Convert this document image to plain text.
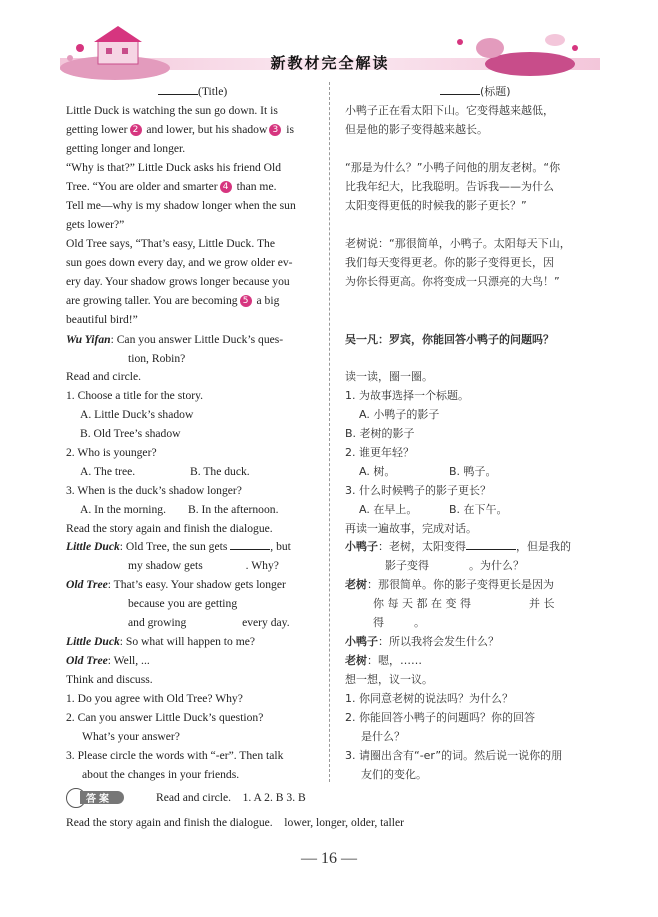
新教材完全解读
(Title)
Little Duck is watching the sun go down. It is
getting lower 2 and lower, but his shadow 3 is
getting longer and longer.
“Why is that?” Little Duck asks his friend Old
Tree. “You are older and smarter 4 than me.
Tell me—why is my shadow longer when the sun
gets lower?”
Old Tree says, “That’s easy, Little Duck. The
sun goes down every day, and we grow older ev-
ery day. Your shadow grows longer because you
are growing taller. You are becoming 5 a big
beautiful bird!”
Wu Yifan: Can you answer Little Duck’s ques-
tion, Robin?
Read and circle.
1. Choose a title for the story.
A. Little Duck’s shadow
B. Old Tree’s shadow
2. Who is younger?
A. The tree.	B. The duck.
3. When is the duck’s shadow longer?
A. In the morning. B. In the afternoon.
Read the story again and finish the dialogue.
Little Duck: Old Tree, the sun gets	, but
my shadow gets	. Why?
Old Tree: That’s easy. Your shadow gets longer
because you are getting
and growing	every day.
Little Duck: So what will happen to me?
Old Tree: Well, ...
Think and discuss.
1. Do you agree with Old Tree? Why?
2. Can you answer Little Duck’s question?
What’s your answer?
3. Please circle the words with “-er”. Then talk
about the changes in your friends.
(标题)
小鸭子正在看太阳下山。它变得越来越低，
但是他的影子变得越来越长。
“那是为什么？”小鸭子问他的朋友老树。“你
比我年纪大，比我聪明。告诉我——为什么
太阳变得更低的时候我的影子更长？”
老树说：“那很简单，小鸭子。太阳每天下山，
我们每天变得更老。你的影子变得更长，因
为你长得更高。你将变成一只漂亮的大鸟！”
吴一凡：罗宾，你能回答小鸭子的问题吗？
读一读，圈一圈。
1. 为故事选择一个标题。
A. 小鸭子的影子
B. 老树的影子
2. 谁更年轻？
A. 树。	B. 鸭子。
3. 什么时候鸭子的影子更长？
A. 在早上。	B. 在下午。
再读一遍故事，完成对话。
小鸭子：老树，太阳变得	，但是我的
影子变得	。为什么？
老树：那很简单。你的影子变得更长是因为
你 每 天 都 在 变 得	并 长
得	。
小鸭子：所以我将会发生什么？
老树：嗯，……
想一想，议一议。
1. 你同意老树的说法吗？为什么？
2. 你能回答小鸭子的问题吗？你的回答
是什么？
3. 请圈出含有“-er”的词。然后说一说你的朋
友们的变化。
答案	Read and circle. 1. A 2. B 3. B
Read the story again and finish the dialogue. lower, longer, older, taller
— 16 —
